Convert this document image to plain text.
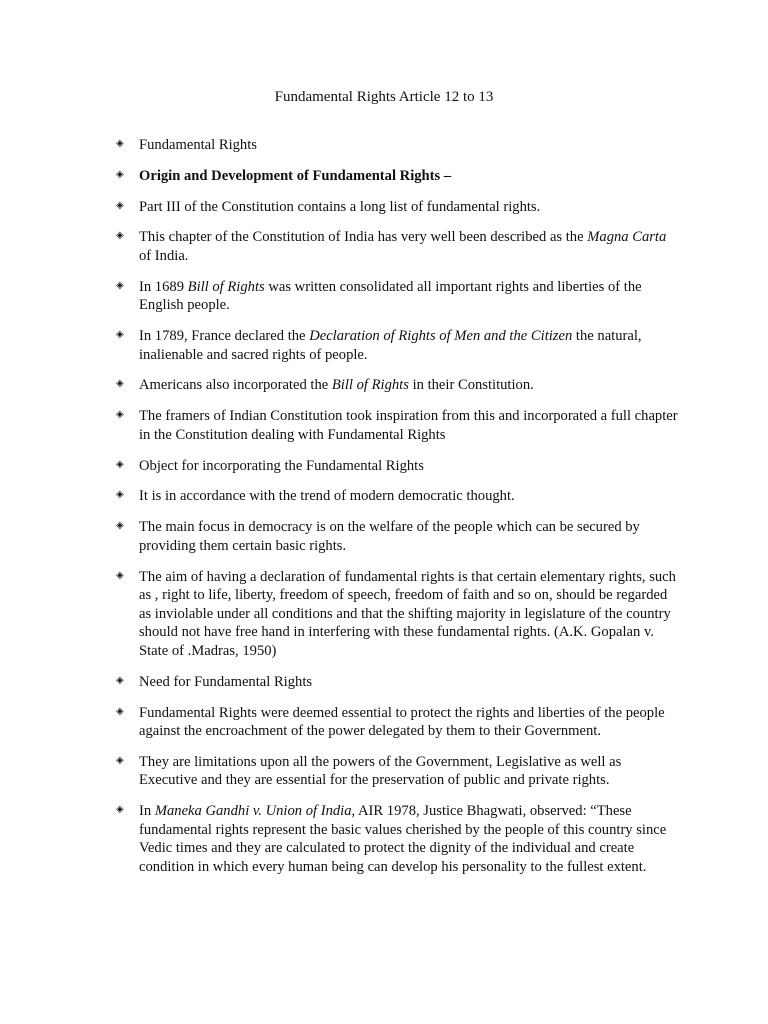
Fundamental Rights Article 12 to 13
◈ Fundamental Rights
◈ Origin and Development of Fundamental Rights –
◈ Part III of the Constitution contains a long list of fundamental rights.
◈ This chapter of the Constitution of India has very well been described as the Magna Carta of India.
◈ In 1689 Bill of Rights was written consolidated all important rights and liberties of the English people.
◈ In 1789, France declared the Declaration of Rights of Men and the Citizen the natural, inalienable and sacred rights of people.
◈ Americans also incorporated the Bill of Rights in their Constitution.
◈ The framers of Indian Constitution took inspiration from this and incorporated a full chapter in the Constitution dealing with Fundamental Rights
◈ Object for incorporating the Fundamental Rights
◈ It is in accordance with the trend of modern democratic thought.
◈ The main focus in democracy is on the welfare of the people which can be secured by providing them certain basic rights.
◈ The aim of having a declaration of fundamental rights is that certain elementary rights, such as , right to life, liberty, freedom of speech, freedom of faith and so on, should be regarded as inviolable under all conditions and that the shifting majority in legislature of the country should not have free hand in interfering with these fundamental rights. (A.K. Gopalan v. State of .Madras, 1950)
◈ Need for Fundamental Rights
◈ Fundamental Rights were deemed essential to protect the rights and liberties of the people against the encroachment of the power delegated by them to their Government.
◈ They are limitations upon all the powers of the Government, Legislative as well as Executive and they are essential for the preservation of public and private rights.
◈ In Maneka Gandhi v. Union of India, AIR 1978, Justice Bhagwati, observed: “These fundamental rights represent the basic values cherished by the people of this country since Vedic times and they are calculated to protect the dignity of the individual and create condition in which every human being can develop his personality to the fullest extent.
